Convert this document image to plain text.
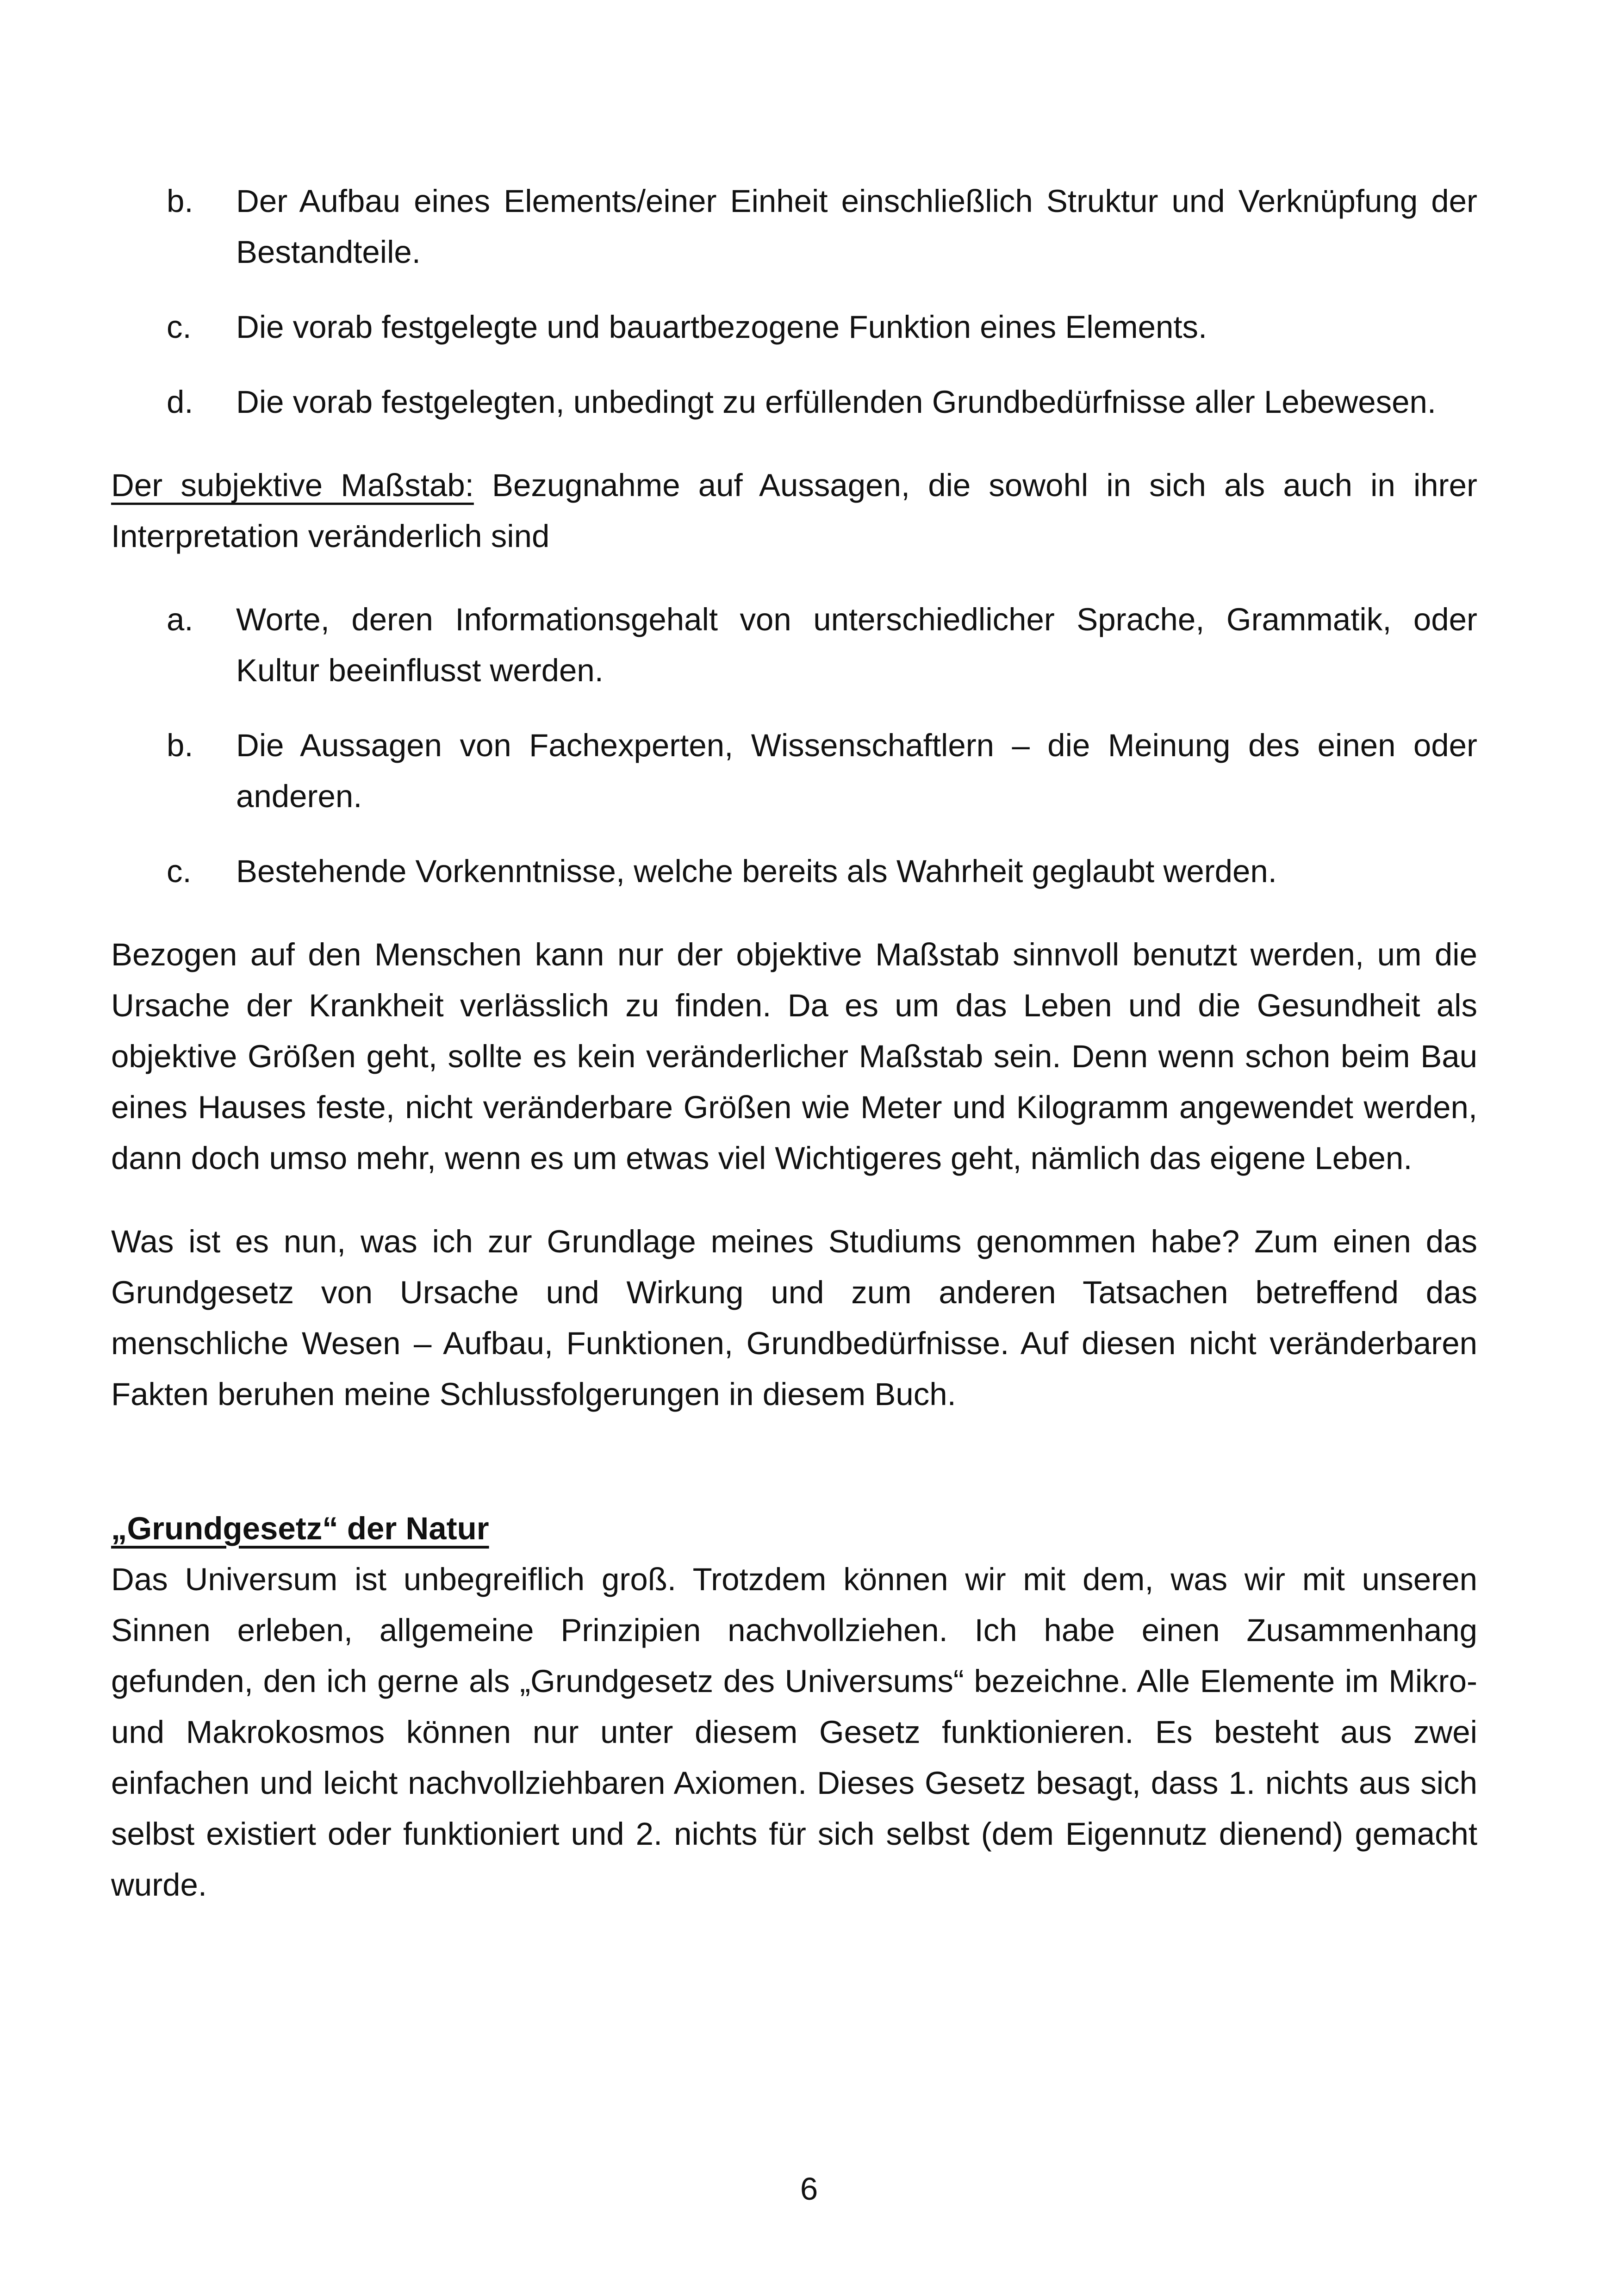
b. Der Aufbau eines Elements/einer Einheit einschließlich Struktur und Verknüpfung der Bestandteile.
c. Die vorab festgelegte und bauartbezogene Funktion eines Elements.
d. Die vorab festgelegten, unbedingt zu erfüllenden Grundbedürfnisse aller Lebewesen.

Der subjektive Maßstab: Bezugnahme auf Aussagen, die sowohl in sich als auch in ihrer Interpretation veränderlich sind

a. Worte, deren Informationsgehalt von unterschiedlicher Sprache, Grammatik, oder Kultur beeinflusst werden.
b. Die Aussagen von Fachexperten, Wissenschaftlern – die Meinung des einen oder anderen.
c. Bestehende Vorkenntnisse, welche bereits als Wahrheit geglaubt werden.

Bezogen auf den Menschen kann nur der objektive Maßstab sinnvoll benutzt werden, um die Ursache der Krankheit verlässlich zu finden. Da es um das Leben und die Gesundheit als objektive Größen geht, sollte es kein veränderlicher Maßstab sein. Denn wenn schon beim Bau eines Hauses feste, nicht veränderbare Größen wie Meter und Kilogramm angewendet werden, dann doch umso mehr, wenn es um etwas viel Wichtigeres geht, nämlich das eigene Leben.

Was ist es nun, was ich zur Grundlage meines Studiums genommen habe? Zum einen das Grundgesetz von Ursache und Wirkung und zum anderen Tatsachen betreffend das menschliche Wesen – Aufbau, Funktionen, Grundbedürfnisse. Auf diesen nicht veränderbaren Fakten beruhen meine Schlussfolgerungen in diesem Buch.

„Grundgesetz“ der Natur

Das Universum ist unbegreiflich groß. Trotzdem können wir mit dem, was wir mit unseren Sinnen erleben, allgemeine Prinzipien nachvollziehen. Ich habe einen Zusammenhang gefunden, den ich gerne als „Grundgesetz des Universums“ bezeichne. Alle Elemente im Mikro- und Makrokosmos können nur unter diesem Gesetz funktionieren. Es besteht aus zwei einfachen und leicht nachvollziehbaren Axiomen. Dieses Gesetz besagt, dass 1. nichts aus sich selbst existiert oder funktioniert und 2. nichts für sich selbst (dem Eigennutz dienend) gemacht wurde.

6
